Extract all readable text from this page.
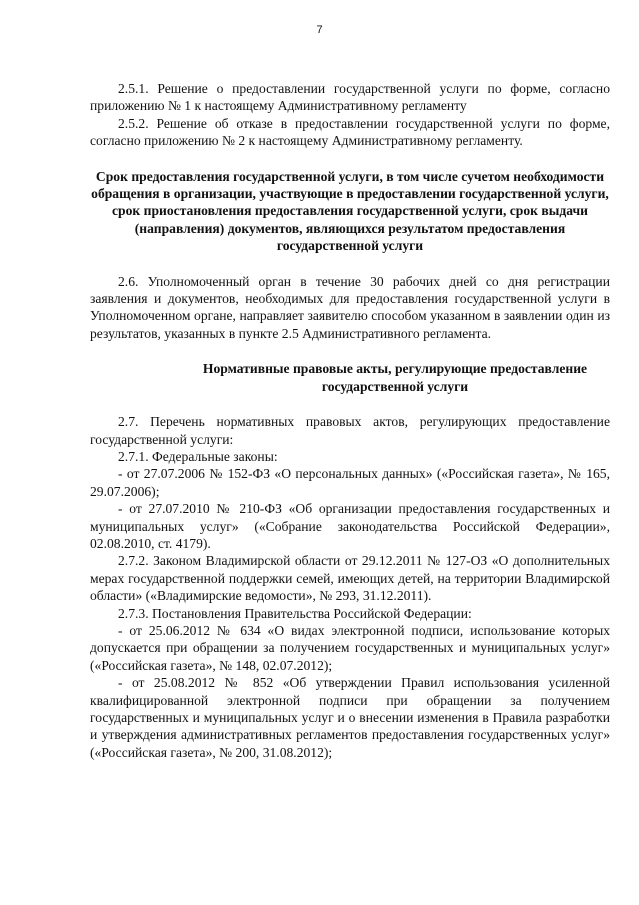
7

2.5.1. Решение о предоставлении государственной услуги по форме, согласно приложению № 1 к настоящему Административному регламенту

2.5.2. Решение об отказе в предоставлении государственной услуги по форме, согласно приложению № 2 к настоящему Административному регламенту.

Срок предоставления государственной услуги, в том числе сучетом необходимости обращения в организации, участвующие в предоставлении государственной услуги, срок приостановления предоставления государственной услуги, срок выдачи (направления) документов, являющихся результатом предоставления государственной услуги

2.6. Уполномоченный орган в течение 30 рабочих дней со дня регистрации заявления и документов, необходимых для предоставления государственной услуги в Уполномоченном органе, направляет заявителю способом указанном в заявлении один из результатов, указанных в пункте 2.5 Административного регламента.

Нормативные правовые акты, регулирующие предоставление государственной услуги

2.7. Перечень нормативных правовых актов, регулирующих предоставление государственной услуги:

2.7.1. Федеральные законы:

- от 27.07.2006 № 152-ФЗ «О персональных данных» («Российская газета», № 165, 29.07.2006);

- от 27.07.2010 № 210-ФЗ «Об организации предоставления государственных и муниципальных услуг» («Собрание законодательства Российской Федерации», 02.08.2010, ст. 4179).

2.7.2. Законом Владимирской области от 29.12.2011 № 127-ОЗ «О дополнительных мерах государственной поддержки семей, имеющих детей, на территории Владимирской области» («Владимирские ведомости», № 293, 31.12.2011).

2.7.3. Постановления Правительства Российской Федерации:

- от 25.06.2012 № 634 «О видах электронной подписи, использование которых допускается при обращении за получением государственных и муниципальных услуг» («Российская газета», № 148, 02.07.2012);

- от 25.08.2012 № 852 «Об утверждении Правил использования усиленной квалифицированной электронной подписи при обращении за получением государственных и муниципальных услуг и о внесении изменения в Правила разработки и утверждения административных регламентов предоставления государственных услуг» («Российская газета», № 200, 31.08.2012);
